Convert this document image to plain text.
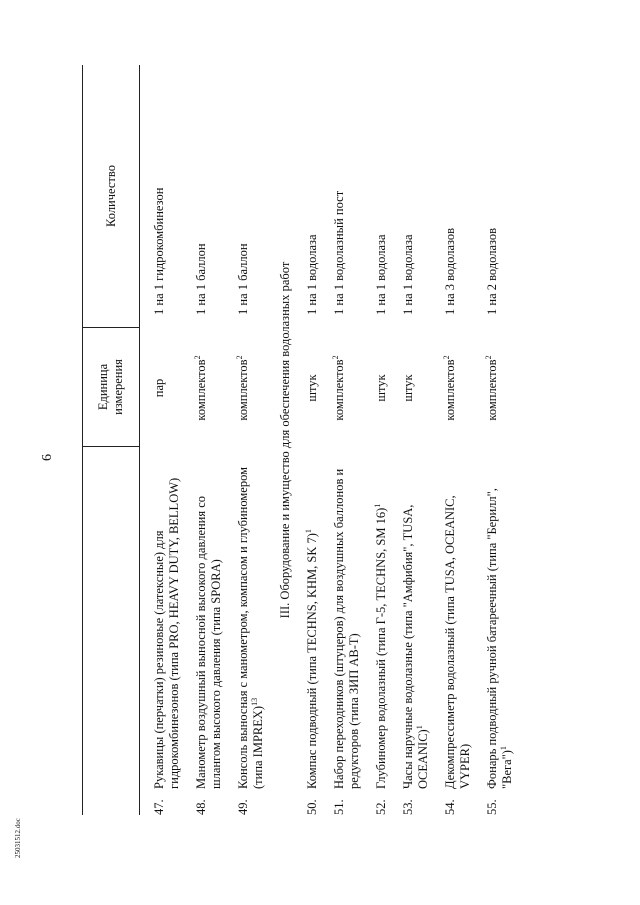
6
Единица
измерения
Количество
47.
Рукавицы (перчатки) резиновые (латексные) для гидрокомбинезонов (типа PRO, HEAVY DUTY, BELLOW)
пар
1 на 1 гидрокомбинезон
48.
Манометр воздушный выносной высокого давления со шлангом высокого давления (типа SPORA)
комплектов$^2$
1 на 1 баллон
49.
Консоль выносная с манометром, компасом и глубиномером (типа IMPREX)$^{13}$
комплектов$^2$
1 на 1 баллон III. Оборудование и имущество для обеспечения водолазных работ
50.
Компас подводный (типа TECHNS, KHM, SK 7)$^1$
штук
1 на 1 водолаза
51.
Набор переходников (штуцеров) для воздушных баллонов и редукторов (типа ЗИП АВ-Т)
комплектов$^2$
1 на 1 водолазный пост
52.
Глубиномер водолазный (типа Г-5, TECHNS, SM 16)$^1$
штук
1 на 1 водолаза
53.
Часы наручные водолазные (типа "Амфибия", TUSA, OCEANIC)$^1$
штук
1 на 1 водолаза
54.
Декомпрессиметр водолазный (типа TUSA, OCEANIC, VYPER)
комплектов$^2$
1 на 3 водолазов
55.
Фонарь подводный ручной батареечный (типа "Берилл", "Вега")$^1$
комплектов$^2$
1 на 2 водолазов
25031512.doc
